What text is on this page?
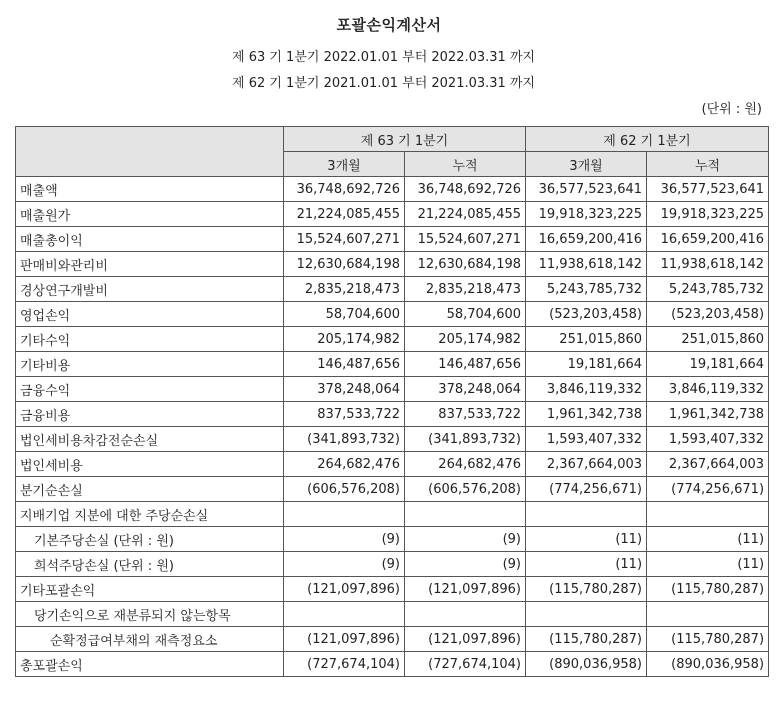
포괄손익계산서
제 63 기 1분기 2022.01.01 부터 2022.03.31 까지
제 62 기 1분기 2021.01.01 부터 2021.03.31 까지
(단위 : 원)
	제 63 기 1분기		제 62 기 1분기	
	3개월	누적	3개월	누적
매출액	36,748,692,726	36,748,692,726	36,577,523,641	36,577,523,641
매출원가	21,224,085,455	21,224,085,455	19,918,323,225	19,918,323,225
매출총이익	15,524,607,271	15,524,607,271	16,659,200,416	16,659,200,416
판매비와관리비	12,630,684,198	12,630,684,198	11,938,618,142	11,938,618,142
경상연구개발비	2,835,218,473	2,835,218,473	5,243,785,732	5,243,785,732
영업손익	58,704,600	58,704,600	(523,203,458)	(523,203,458)
기타수익	205,174,982	205,174,982	251,015,860	251,015,860
기타비용	146,487,656	146,487,656	19,181,664	19,181,664
금융수익	378,248,064	378,248,064	3,846,119,332	3,846,119,332
금융비용	837,533,722	837,533,722	1,961,342,738	1,961,342,738
법인세비용차감전순손실	(341,893,732)	(341,893,732)	1,593,407,332	1,593,407,332
법인세비용	264,682,476	264,682,476	2,367,664,003	2,367,664,003
분기순손실	(606,576,208)	(606,576,208)	(774,256,671)	(774,256,671)
지배기업 지분에 대한 주당순손실				
기본주당손실 (단위 : 원)	(9)	(9)	(11)	(11)
희석주당손실 (단위 : 원)	(9)	(9)	(11)	(11)
기타포괄손익	(121,097,896)	(121,097,896)	(115,780,287)	(115,780,287)
당기손익으로 재분류되지 않는항목				
순확정급여부채의 재측정요소	(121,097,896)	(121,097,896)	(115,780,287)	(115,780,287)
총포괄손익	(727,674,104)	(727,674,104)	(890,036,958)	(890,036,958)
